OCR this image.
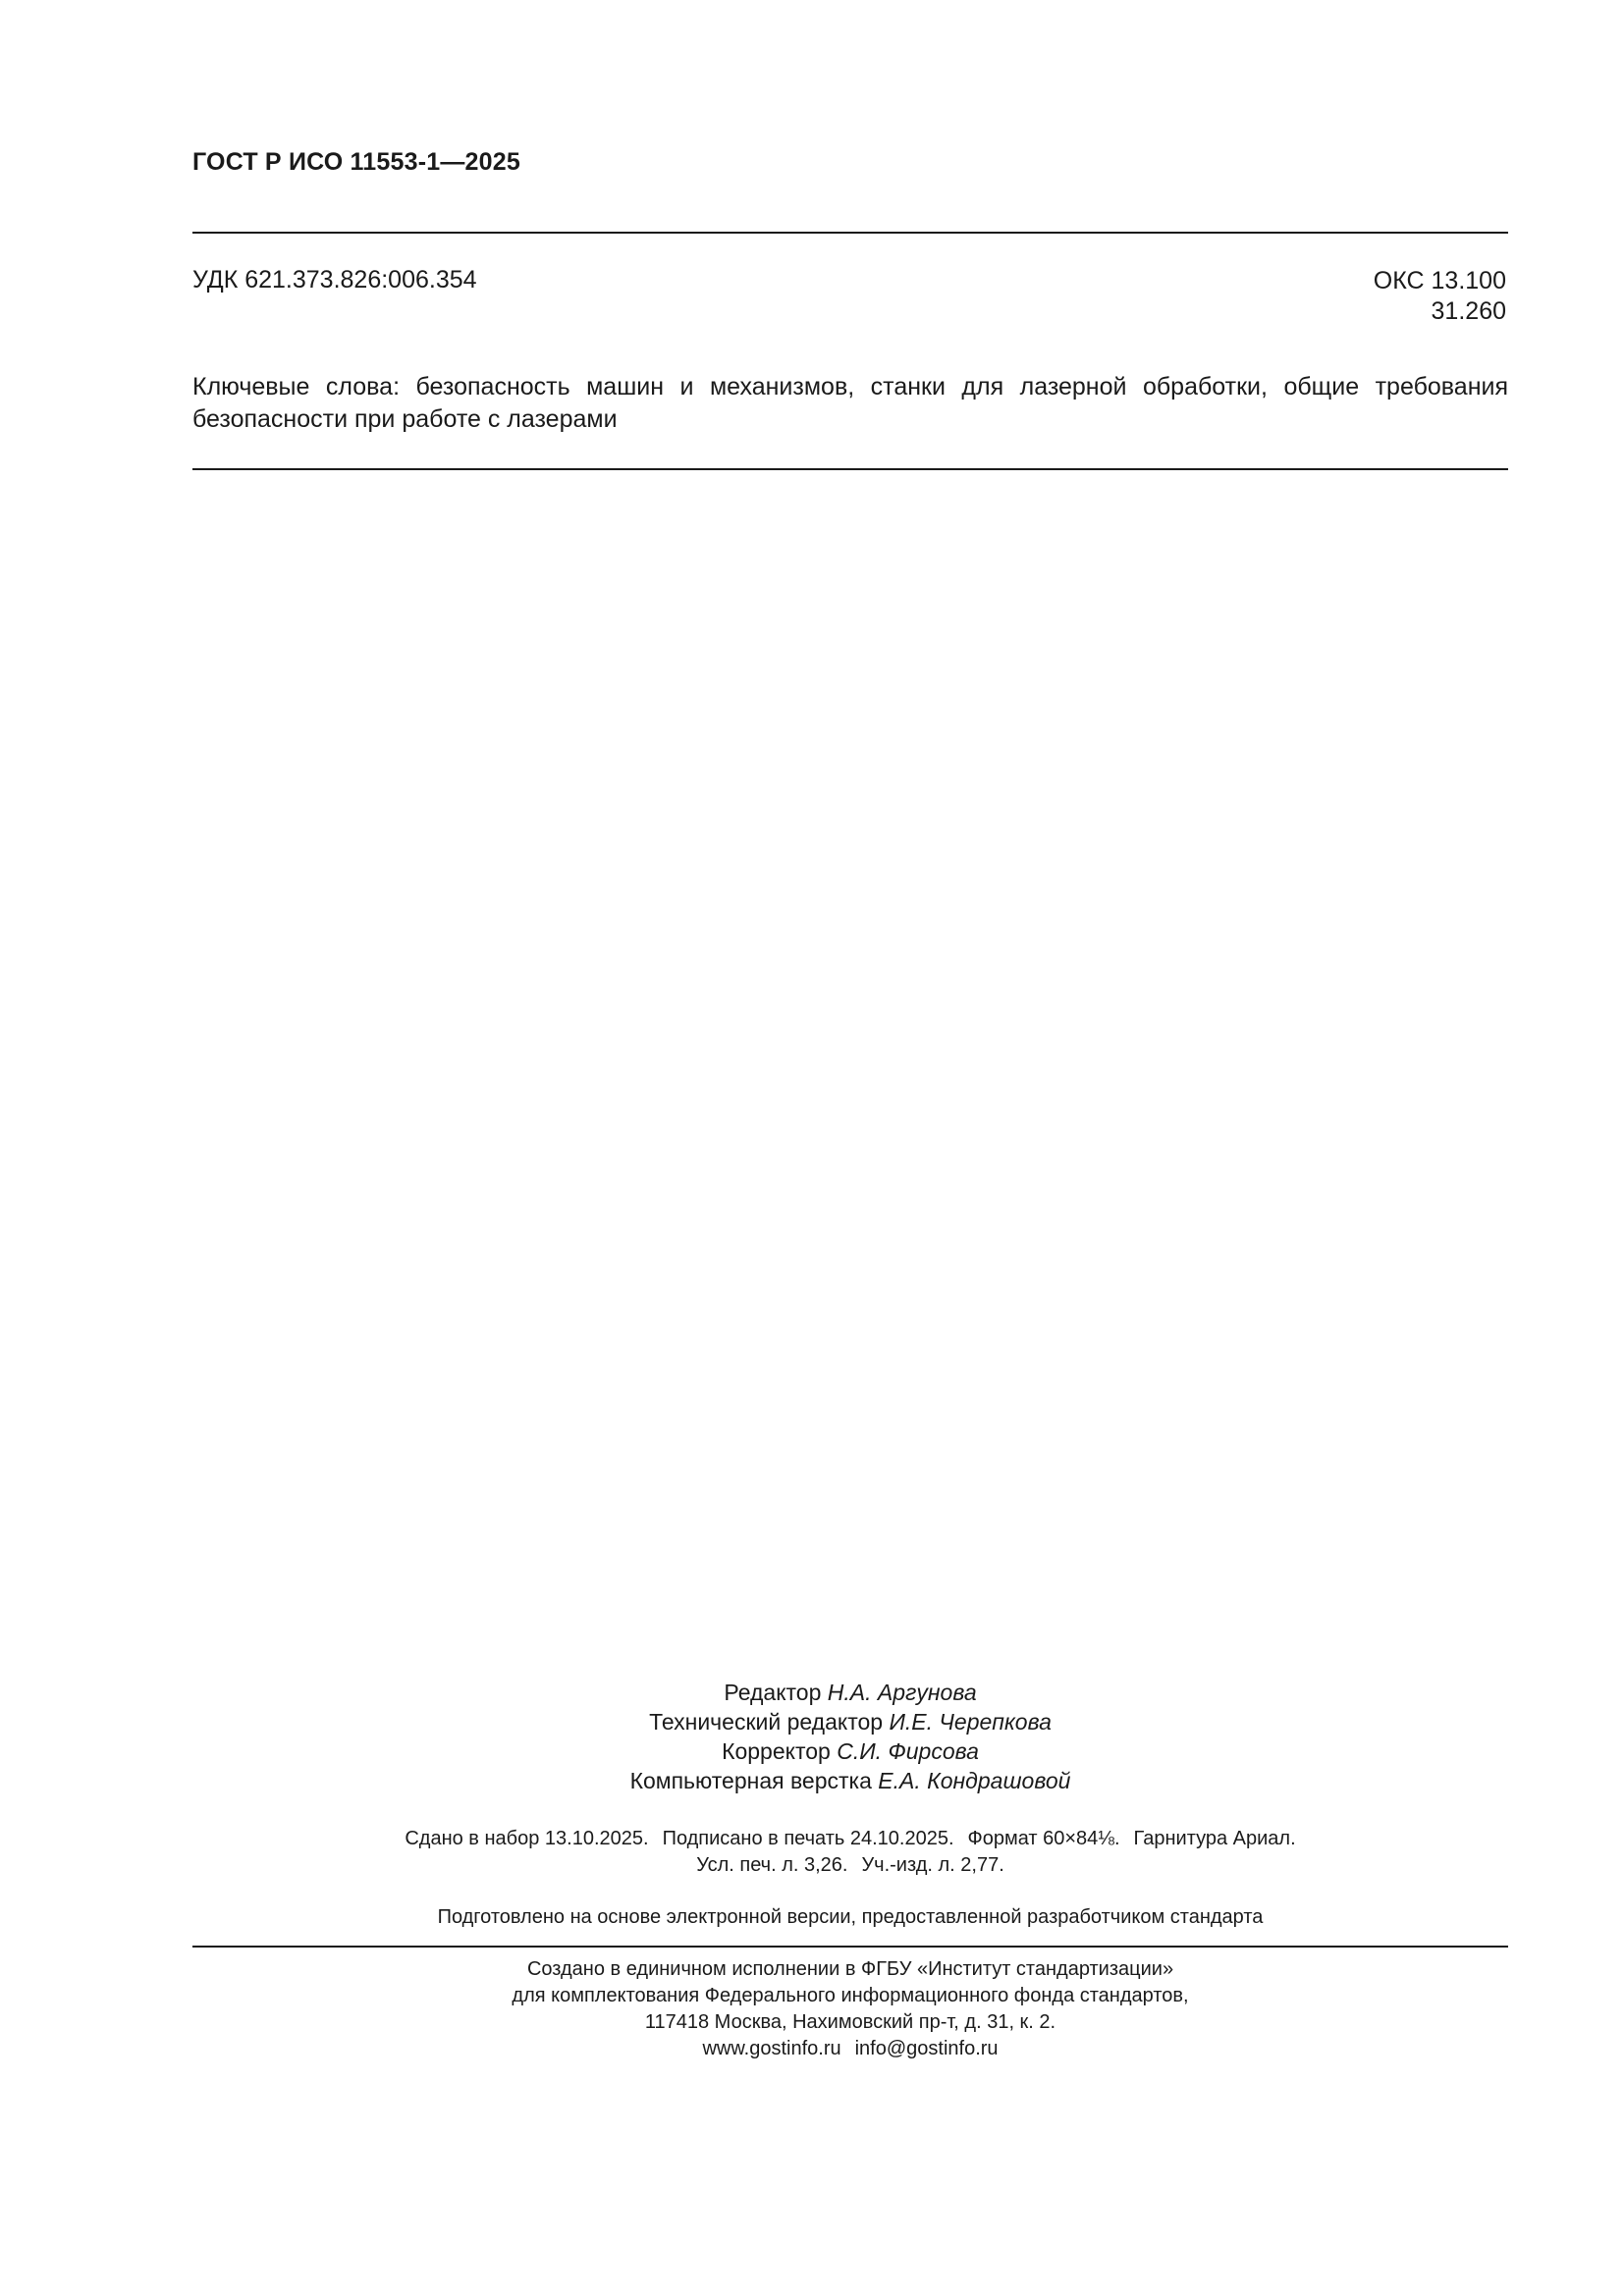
ГОСТ Р ИСО 11553-1—2025
УДК 621.373.826:006.354	ОКС 13.100
31.260
Ключевые слова: безопасность машин и механизмов, станки для лазерной обработки, общие требования безопасности при работе с лазерами
Редактор Н.А. Аргунова
Технический редактор И.Е. Черепкова
Корректор С.И. Фирсова
Компьютерная верстка Е.А. Кондрашовой
Сдано в набор 13.10.2025. Подписано в печать 24.10.2025. Формат 60×84⅛. Гарнитура Ариал.
Усл. печ. л. 3,26. Уч.-изд. л. 2,77.
Подготовлено на основе электронной версии, предоставленной разработчиком стандарта
Создано в единичном исполнении в ФГБУ «Институт стандартизации»
для комплектования Федерального информационного фонда стандартов,
117418 Москва, Нахимовский пр-т, д. 31, к. 2.
www.gostinfo.ru info@gostinfo.ru
